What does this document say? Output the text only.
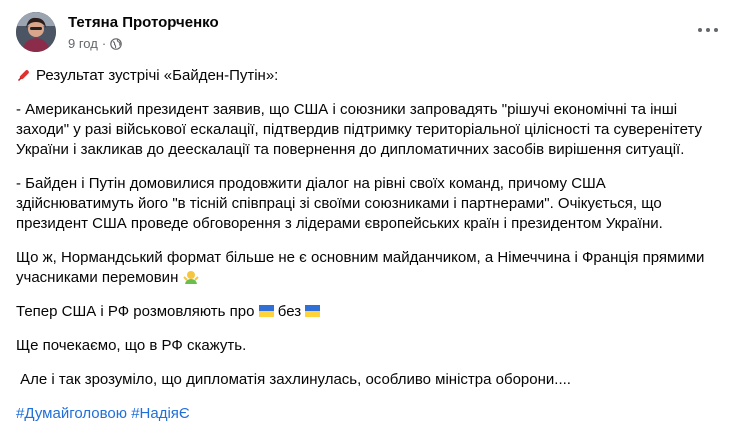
Тетяна Проторченко
9 год ·

Результат зустрічі «Байден-Путін»:

- Американський президент заявив, що США і союзники запровадять "рішучі економічні та інші заходи" у разі військової ескалації, підтвердив підтримку територіальної цілісності та суверенітету України і закликав до деескалації та повернення до дипломатичних засобів вирішення ситуації.

- Байден і Путін домовилися продовжити діалог на рівні своїх команд, причому США здійснюватимуть його "в тісній співпраці зі своїми союзниками і партнерами". Очікується, що президент США проведе обговорення з лідерами європейських країн і президентом України.

Що ж, Нормандський формат більше не є основним майданчиком, а Німеччина і Франція прямими учасниками перемовин

Тепер США і РФ розмовляють про без

Ще почекаємо, що в РФ скажуть.

Але і так зрозуміло, що дипломатія захлинулась, особливо міністра оборони....

#Думайголовою #НадіяЄ
